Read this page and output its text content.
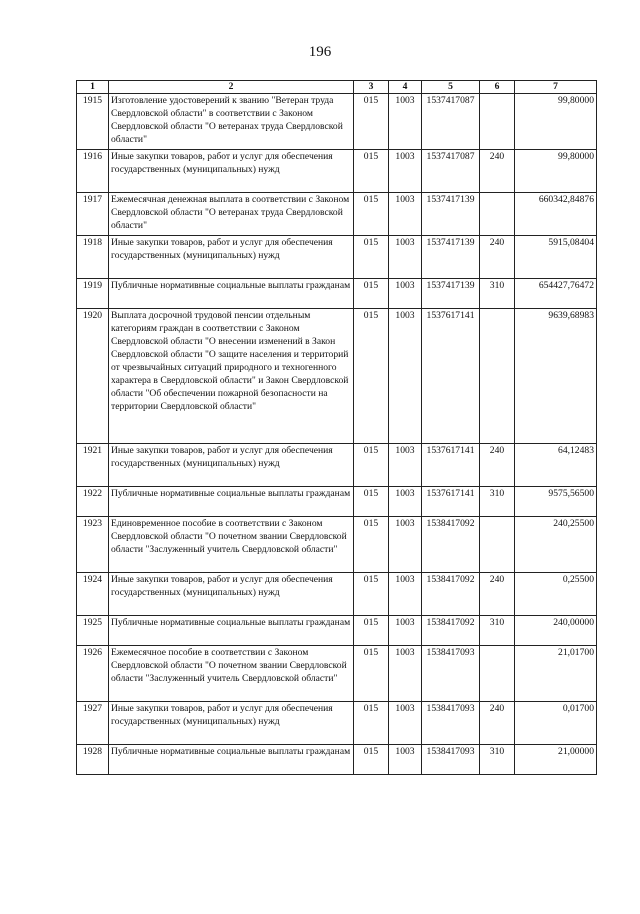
196
1	2	3	4	5	6	7
1915	Изготовление удостоверений к званию "Ветеран труда Свердловской области" в соответствии с Законом Свердловской области "О ветеранах труда Свердловской области"	015	1003	1537417087		99,80000
1916	Иные закупки товаров, работ и услуг для обеспечения государственных (муниципальных) нужд	015	1003	1537417087	240	99,80000
1917	Ежемесячная денежная выплата в соответствии с Законом Свердловской области "О ветеранах труда Свердловской области"	015	1003	1537417139		660342,84876
1918	Иные закупки товаров, работ и услуг для обеспечения государственных (муниципальных) нужд	015	1003	1537417139	240	5915,08404
1919	Публичные нормативные социальные выплаты гражданам	015	1003	1537417139	310	654427,76472
1920	Выплата досрочной трудовой пенсии отдельным категориям граждан в соответствии с Законом Свердловской области "О внесении изменений в Закон Свердловской области "О защите населения и территорий от чрезвычайных ситуаций природного и техногенного характера в Свердловской области" и Закон Свердловской области "Об обеспечении пожарной безопасности на территории Свердловской области"	015	1003	1537617141		9639,68983
1921	Иные закупки товаров, работ и услуг для обеспечения государственных (муниципальных) нужд	015	1003	1537617141	240	64,12483
1922	Публичные нормативные социальные выплаты гражданам	015	1003	1537617141	310	9575,56500
1923	Единовременное пособие в соответствии с Законом Свердловской области "О почетном звании Свердловской области "Заслуженный учитель Свердловской области"	015	1003	1538417092		240,25500
1924	Иные закупки товаров, работ и услуг для обеспечения государственных (муниципальных) нужд	015	1003	1538417092	240	0,25500
1925	Публичные нормативные социальные выплаты гражданам	015	1003	1538417092	310	240,00000
1926	Ежемесячное пособие в соответствии с Законом Свердловской области "О почетном звании Свердловской области "Заслуженный учитель Свердловской области"	015	1003	1538417093		21,01700
1927	Иные закупки товаров, работ и услуг для обеспечения государственных (муниципальных) нужд	015	1003	1538417093	240	0,01700
1928	Публичные нормативные социальные выплаты гражданам	015	1003	1538417093	310	21,00000
